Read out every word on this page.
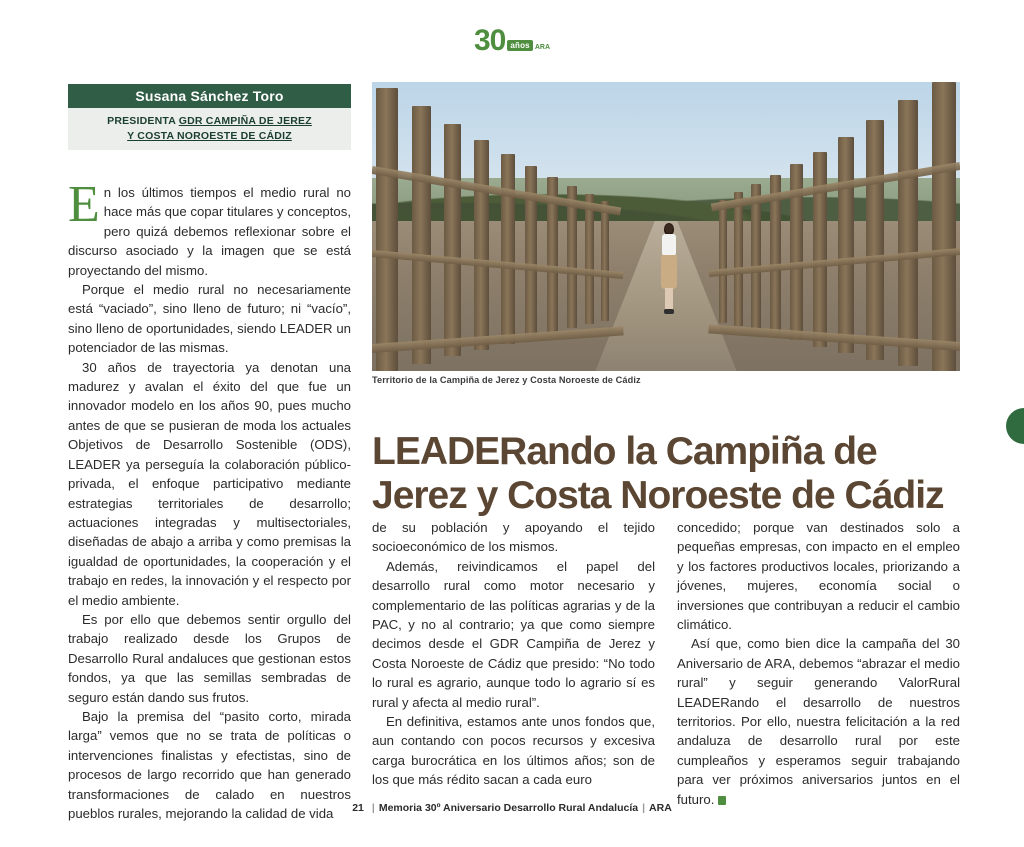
30 años ARA
Susana Sánchez Toro
PRESIDENTA GDR CAMPIÑA DE JEREZ
Y COSTA NOROESTE DE CÁDIZ

En los últimos tiempos el medio rural no hace más que copar titulares y conceptos, pero quizá debemos reflexionar sobre el discurso asociado y la imagen que se está proyectando del mismo.

Porque el medio rural no necesariamente está “vaciado”, sino lleno de futuro; ni “vacío”, sino lleno de oportunidades, siendo LEADER un potenciador de las mismas.

30 años de trayectoria ya denotan una madurez y avalan el éxito del que fue un innovador modelo en los años 90, pues mucho antes de que se pusieran de moda los actuales Objetivos de Desarrollo Sostenible (ODS), LEADER ya perseguía la colaboración público-privada, el enfoque participativo mediante estrategias territoriales de desarrollo; actuaciones integradas y multisectoriales, diseñadas de abajo a arriba y como premisas la igualdad de oportunidades, la cooperación y el trabajo en redes, la innovación y el respecto por el medio ambiente.

Es por ello que debemos sentir orgullo del trabajo realizado desde los Grupos de Desarrollo Rural andaluces que gestionan estos fondos, ya que las semillas sembradas de seguro están dando sus frutos.

Bajo la premisa del “pasito corto, mirada larga” vemos que no se trata de políticas o intervenciones finalistas y efectistas, sino de procesos de largo recorrido que han generado transformaciones de calado en nuestros pueblos rurales, mejorando la calidad de vida

Territorio de la Campiña de Jerez y Costa Noroeste de Cádiz
LEADERando la Campiña de Jerez y Costa Noroeste de Cádiz

de su población y apoyando el tejido socioeconómico de los mismos.

Además, reivindicamos el papel del desarrollo rural como motor necesario y complementario de las políticas agrarias y de la PAC, y no al contrario; ya que como siempre decimos desde el GDR Campiña de Jerez y Costa Noroeste de Cádiz que presido: “No todo lo rural es agrario, aunque todo lo agrario sí es rural y afecta al medio rural”.

En definitiva, estamos ante unos fondos que, aun contando con pocos recursos y excesiva carga burocrática en los últimos años; son de los que más rédito sacan a cada euro

concedido; porque van destinados solo a pequeñas empresas, con impacto en el empleo y los factores productivos locales, priorizando a jóvenes, mujeres, economía social o inversiones que contribuyan a reducir el cambio climático.

Así que, como bien dice la campaña del 30 Aniversario de ARA, debemos “abrazar el medio rural” y seguir generando ValorRural LEADERando el desarrollo de nuestros territorios. Por ello, nuestra felicitación a la red andaluza de desarrollo rural por este cumpleaños y esperamos seguir trabajando para ver próximos aniversarios juntos en el futuro.

21 | Memoria 30º Aniversario Desarrollo Rural Andalucía | ARA
